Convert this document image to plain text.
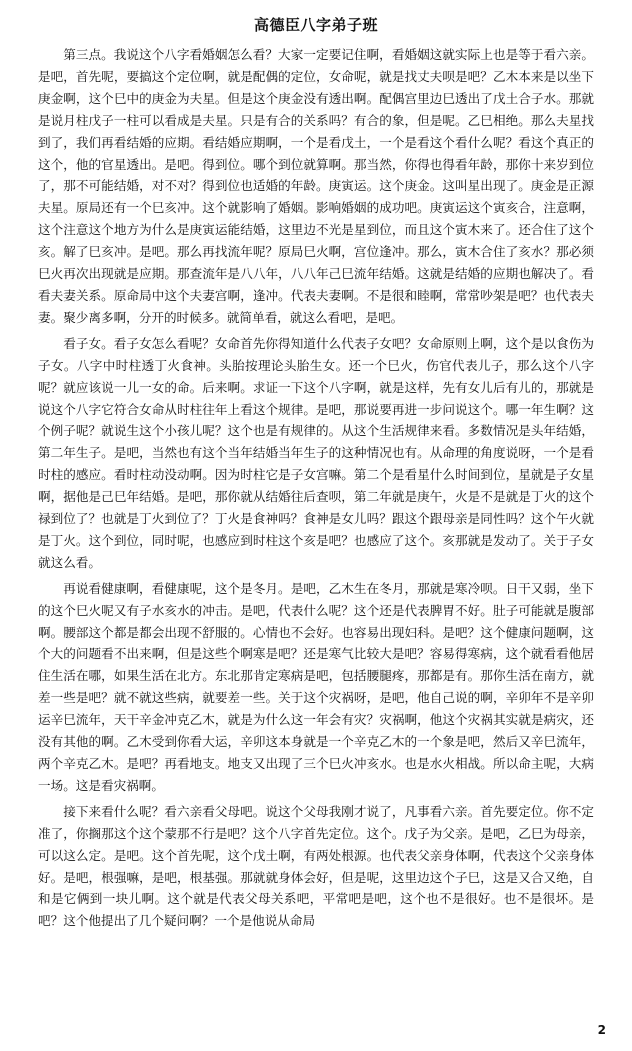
高德臣八字弟子班

第三点。我说这个八字看婚姻怎么看？大家一定要记住啊，看婚姻这就实际上也是等于看六亲。是吧，首先呢，要搞这个定位啊，就是配偶的定位，女命呢，就是找丈夫呗是吧？乙木本来是以坐下庚金啊，这个巳中的庚金为夫星。但是这个庚金没有透出啊。配偶宫里边巳透出了戊土合子水。那就是说月柱戊子一柱可以看成是夫星。只是有合的关系吗？有合的象，但是呢。乙巳相绝。那么夫星找到了，我们再看结婚的应期。看结婚应期啊，一个是看戊土，一个是看这个看什么呢？看这个真正的这个，他的官星透出。是吧。得到位。哪个到位就算啊。那当然，你得也得看年龄，那你十来岁到位了，那不可能结婚，对不对？得到位也适婚的年龄。庚寅运。这个庚金。这叫星出现了。庚金是正源夫星。原局还有一个巳亥冲。这个就影响了婚姻。影响婚姻的成功吧。庚寅运这个寅亥合，注意啊，这个注意这个地方为什么是庚寅运能结婚，这里边不光是星到位，而且这个寅木来了。还合住了这个亥。解了巳亥冲。是吧。那么再找流年呢？原局巳火啊，宫位逢冲。那么，寅木合住了亥水？那必须巳火再次出现就是应期。那查流年是八八年，八八年己巳流年结婚。这就是结婚的应期也解决了。看看夫妻关系。原命局中这个夫妻宫啊，逢冲。代表夫妻啊。不是很和睦啊，常常吵架是吧？也代表夫妻。聚少离多啊，分开的时候多。就简单看，就这么看吧，是吧。

看子女。看子女怎么看呢？女命首先你得知道什么代表子女吧？女命原则上啊，这个是以食伤为子女。八字中时柱透丁火食神。头胎按理论头胎生女。还一个巳火，伤官代表儿子，那么这个八字呢？就应该说一儿一女的命。后来啊。求证一下这个八字啊，就是这样，先有女儿后有儿的，那就是说这个八字它符合女命从时柱往年上看这个规律。是吧，那说要再进一步问说这个。哪一年生啊？这个例子呢？就说生这个小孩儿呢？这个也是有规律的。从这个生活规律来看。多数情况是头年结婚，第二年生子。是吧，当然也有这个当年结婚当年生子的这种情况也有。从命理的角度说呀，一个是看时柱的感应。看时柱动没动啊。因为时柱它是子女宫嘛。第二个是看星什么时间到位，星就是子女星啊，据他是己巳年结婚。是吧，那你就从结婚往后查呗，第二年就是庚午，火是不是就是丁火的这个禄到位了？也就是丁火到位了？丁火是食神吗？食神是女儿吗？跟这个跟母亲是同性吗？这个午火就是丁火。这个到位，同时呢，也感应到时柱这个亥是吧？也感应了这个。亥那就是发动了。关于子女就这么看。

再说看健康啊，看健康呢，这个是冬月。是吧，乙木生在冬月，那就是寒冷呗。日干又弱，坐下的这个巳火呢又有子水亥水的冲击。是吧，代表什么呢？这个还是代表脾胃不好。肚子可能就是腹部啊。腰部这个都是都会出现不舒服的。心情也不会好。也容易出现妇科。是吧？这个健康问题啊，这个大的问题看不出来啊，但是这些个啊寒是吧？还是寒气比较大是吧？容易得寒病，这个就看看他居住生活在哪，如果生活在北方。东北那肯定寒病是吧，包括腰腿疼，那都是有。那你生活在南方，就差一些是吧？就不就这些病，就要差一些。关于这个灾祸呀，是吧，他自己说的啊，辛卯年不是辛卯运辛巳流年，天干辛金冲克乙木，就是为什么这一年会有灾？灾祸啊，他这个灾祸其实就是病灾，还没有其他的啊。乙木受到你看大运，辛卯这本身就是一个辛克乙木的一个象是吧，然后又辛巳流年，两个辛克乙木。是吧？再看地支。地支又出现了三个巳火冲亥水。也是水火相战。所以命主呢，大病一场。这是看灾祸啊。

接下来看什么呢？看六亲看父母吧。说这个父母我刚才说了，凡事看六亲。首先要定位。你不定准了，你搁那这个这个蒙那不行是吧？这个八字首先定位。这个。戊子为父亲。是吧，乙巳为母亲，可以这么定。是吧。这个首先呢，这个戊土啊，有两处根源。也代表父亲身体啊，代表这个父亲身体好。是吧，根强嘛，是吧，根基强。那就就身体会好，但是呢，这里边这个子巳，这是又合又绝，自和是它俩到一块儿啊。这个就是代表父母关系吧，平常吧是吧，这个也不是很好。也不是很坏。是吧？这个他提出了几个疑问啊？一个是他说从命局

2
